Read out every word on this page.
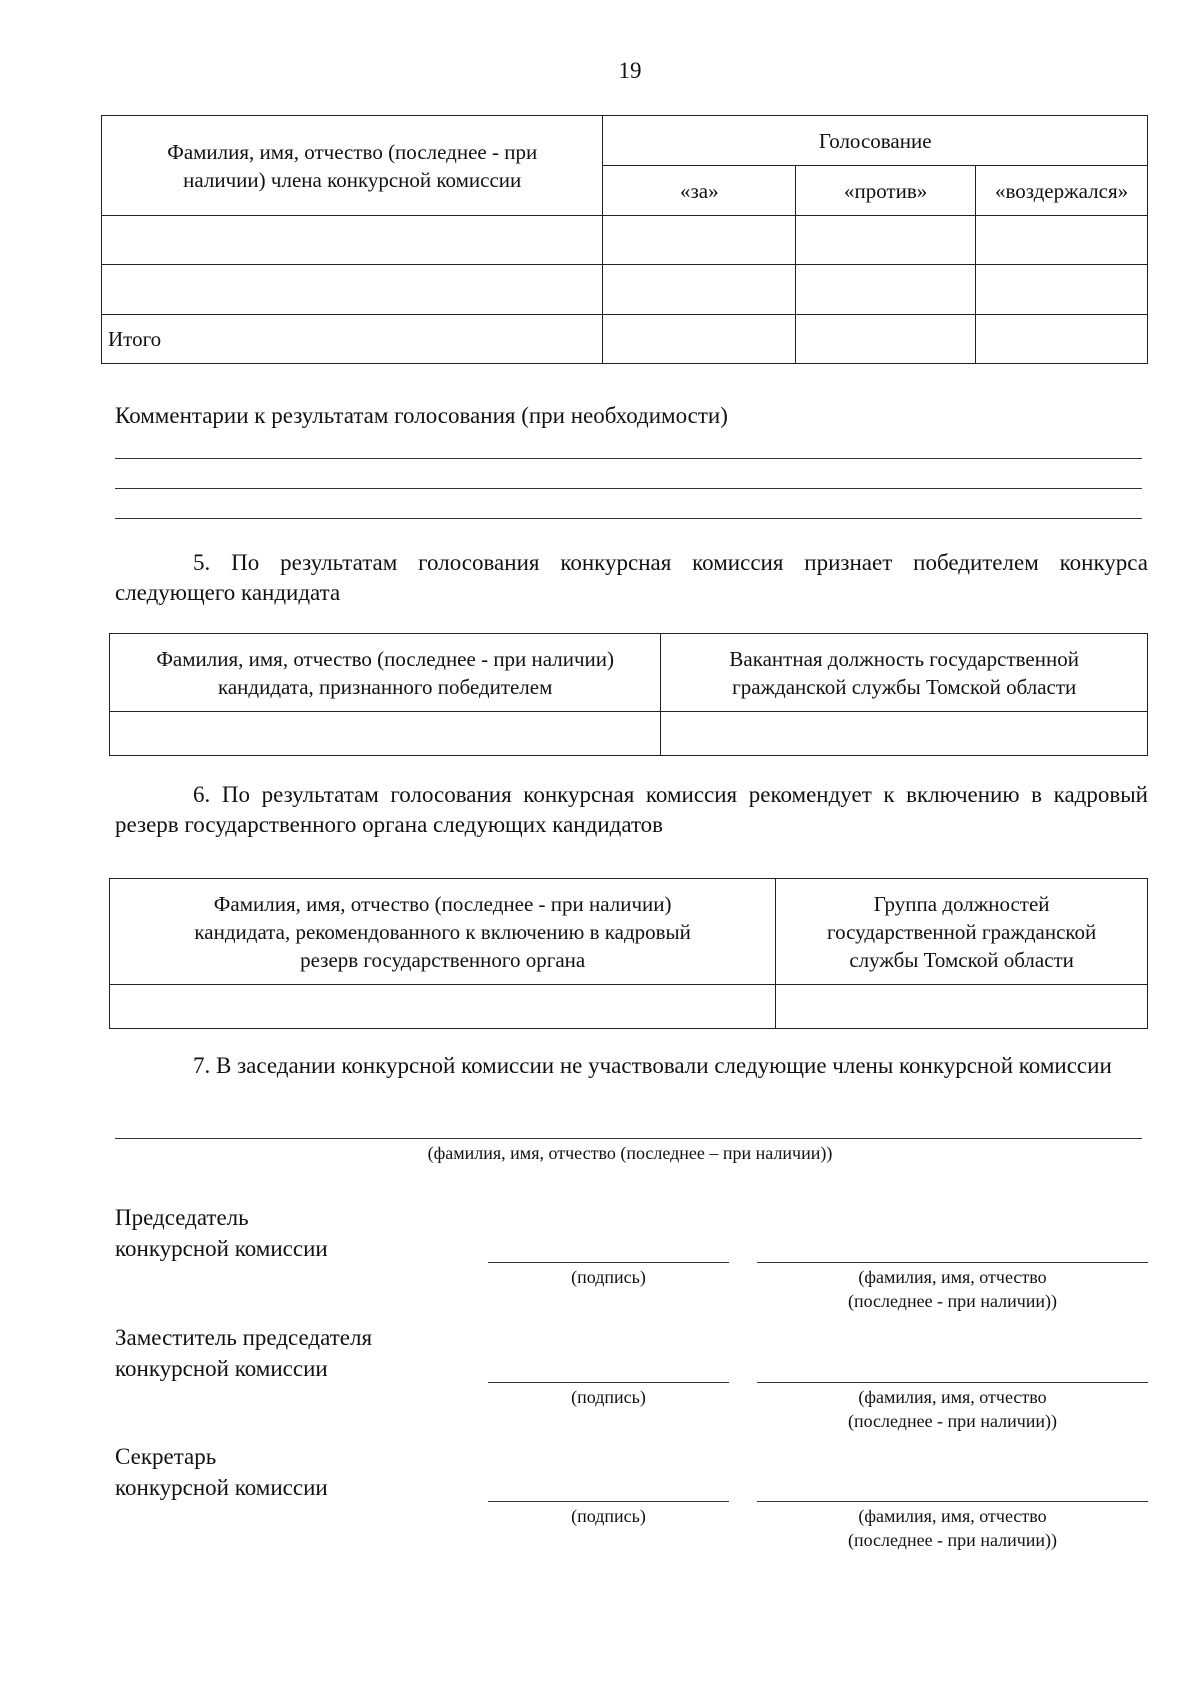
19
Фамилия, имя, отчество (последнее - при наличии) члена конкурсной комиссии	Голосование		
	«за»	«против»	«воздержался»

Итого			
Комментарии к результатам голосования (при необходимости)
5. По результатам голосования конкурсная комиссия признает победителем конкурса следующего кандидата
Фамилия, имя, отчество (последнее - при наличии) кандидата, признанного победителем	Вакантная должность государственной гражданской службы Томской области

6. По результатам голосования конкурсная комиссия рекомендует к включению в кадровый резерв государственного органа следующих кандидатов
Фамилия, имя, отчество (последнее - при наличии) кандидата, рекомендованного к включению в кадровый резерв государственного органа	Группа должностей государственной гражданской службы Томской области

7. В заседании конкурсной комиссии не участвовали следующие члены конкурсной комиссии
(фамилия, имя, отчество (последнее – при наличии))
Председатель
конкурсной комиссии
(подпись)	(фамилия, имя, отчество
(последнее - при наличии))
Заместитель председателя
конкурсной комиссии
(подпись)	(фамилия, имя, отчество
(последнее - при наличии))
Секретарь
конкурсной комиссии
(подпись)	(фамилия, имя, отчество
(последнее - при наличии))
